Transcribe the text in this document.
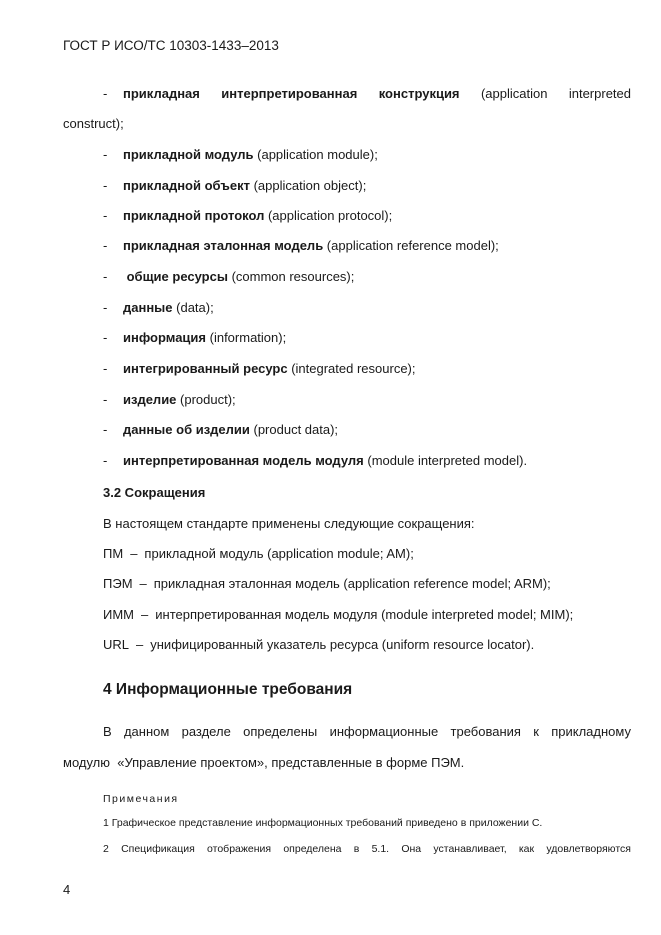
ГОСТ Р ИСО/ТС 10303-1433–2013
- прикладная интерпретированная конструкция (application interpreted
construct);
- прикладной модуль (application module);
- прикладной объект (application object);
- прикладной протокол (application protocol);
- прикладная эталонная модель (application reference model);
- общие ресурсы (common resources);
- данные (data);
- информация (information);
- интегрированный ресурс (integrated resource);
- изделие (product);
- данные об изделии (product data);
- интерпретированная модель модуля (module interpreted model).
3.2 Сокращения
В настоящем стандарте применены следующие сокращения:
ПМ – прикладной модуль (application module; AM);
ПЭМ – прикладная эталонная модель (application reference model; ARM);
ИММ – интерпретированная модель модуля (module interpreted model; MIM);
URL – унифицированный указатель ресурса (uniform resource locator).
4 Информационные требования
В данном разделе определены информационные требования к прикладному
модулю  «Управление проектом», представленные в форме ПЭМ.
Примечания
1 Графическое представление информационных требований приведено в приложении С.
2 Спецификация отображения определена в 5.1. Она устанавливает, как удовлетворяются
4
